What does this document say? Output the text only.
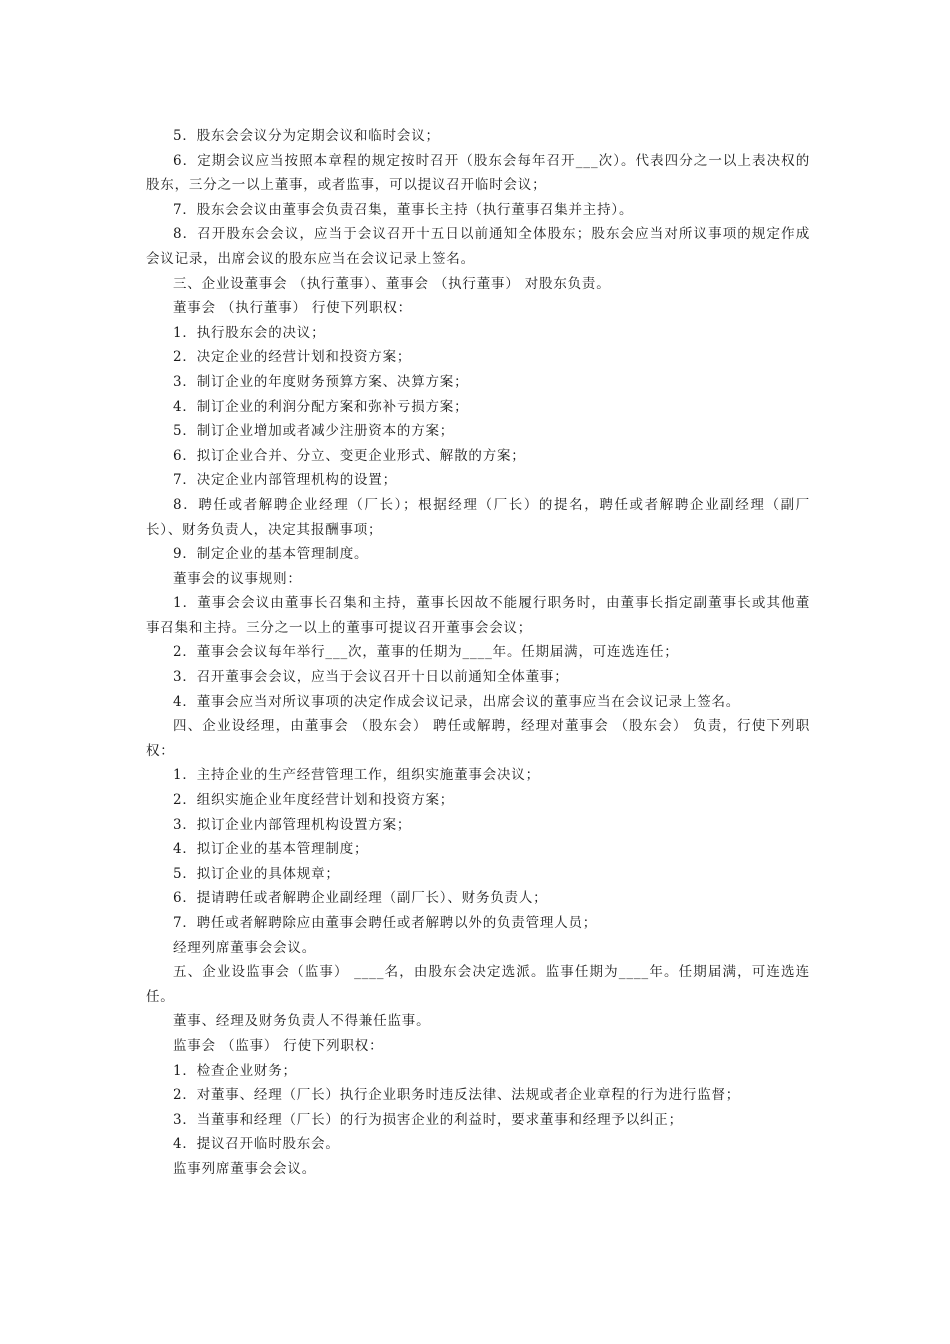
5．股东会会议分为定期会议和临时会议；

6．定期会议应当按照本章程的规定按时召开（股东会每年召开___次）。代表四分之一以上表决权的股东，三分之一以上董事，或者监事，可以提议召开临时会议；

7．股东会会议由董事会负责召集，董事长主持（执行董事召集并主持）。

8．召开股东会会议，应当于会议召开十五日以前通知全体股东；股东会应当对所议事项的规定作成会议记录，出席会议的股东应当在会议记录上签名。

三、企业设董事会 （执行董事）、董事会 （执行董事） 对股东负责。

董事会 （执行董事） 行使下列职权：

1．执行股东会的决议；

2．决定企业的经营计划和投资方案；

3．制订企业的年度财务预算方案、决算方案；

4．制订企业的利润分配方案和弥补亏损方案；

5．制订企业增加或者减少注册资本的方案；

6．拟订企业合并、分立、变更企业形式、解散的方案；

7．决定企业内部管理机构的设置；

8．聘任或者解聘企业经理（厂长）；根据经理（厂长）的提名，聘任或者解聘企业副经理（副厂长）、财务负责人，决定其报酬事项；

9．制定企业的基本管理制度。

董事会的议事规则：

1．董事会会议由董事长召集和主持，董事长因故不能履行职务时，由董事长指定副董事长或其他董事召集和主持。三分之一以上的董事可提议召开董事会会议；

2．董事会会议每年举行___次，董事的任期为____年。任期届满，可连选连任；

3．召开董事会会议，应当于会议召开十日以前通知全体董事；

4．董事会应当对所议事项的决定作成会议记录，出席会议的董事应当在会议记录上签名。

四、企业设经理，由董事会 （股东会） 聘任或解聘，经理对董事会 （股东会） 负责，行使下列职权：

1．主持企业的生产经营管理工作，组织实施董事会决议；

2．组织实施企业年度经营计划和投资方案；

3．拟订企业内部管理机构设置方案；

4．拟订企业的基本管理制度；

5．拟订企业的具体规章；

6．提请聘任或者解聘企业副经理（副厂长）、财务负责人；

7．聘任或者解聘除应由董事会聘任或者解聘以外的负责管理人员；

经理列席董事会会议。

五、企业设监事会（监事） ____名，由股东会决定选派。监事任期为____年。任期届满，可连选连任。

董事、经理及财务负责人不得兼任监事。

监事会 （监事） 行使下列职权：

1．检查企业财务；

2．对董事、经理（厂长）执行企业职务时违反法律、法规或者企业章程的行为进行监督；

3．当董事和经理（厂长）的行为损害企业的利益时，要求董事和经理予以纠正；

4．提议召开临时股东会。

监事列席董事会会议。
